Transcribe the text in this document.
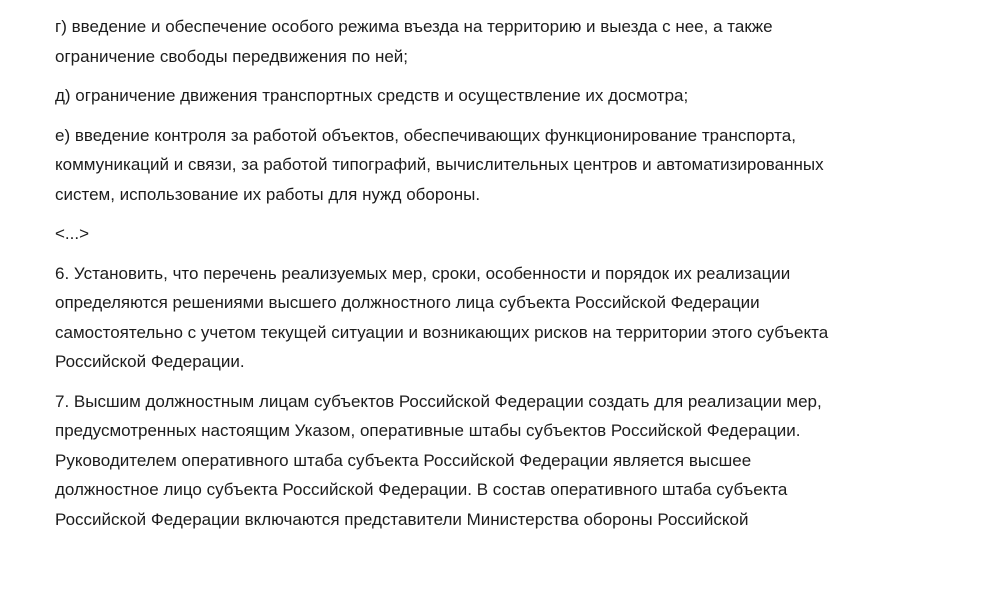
г) введение и обеспечение особого режима въезда на территорию и выезда с нее, а также
ограничение свободы передвижения по ней;

д) ограничение движения транспортных средств и осуществление их досмотра;

е) введение контроля за работой объектов, обеспечивающих функционирование транспорта,
коммуникаций и связи, за работой типографий, вычислительных центров и автоматизированных
систем, использование их работы для нужд обороны.

<...>

6. Установить, что перечень реализуемых мер, сроки, особенности и порядок их реализации
определяются решениями высшего должностного лица субъекта Российской Федерации
самостоятельно с учетом текущей ситуации и возникающих рисков на территории этого субъекта
Российской Федерации.

7. Высшим должностным лицам субъектов Российской Федерации создать для реализации мер,
предусмотренных настоящим Указом, оперативные штабы субъектов Российской Федерации.
Руководителем оперативного штаба субъекта Российской Федерации является высшее
должностное лицо субъекта Российской Федерации. В состав оперативного штаба субъекта
Российской Федерации включаются представители Министерства обороны Российской
